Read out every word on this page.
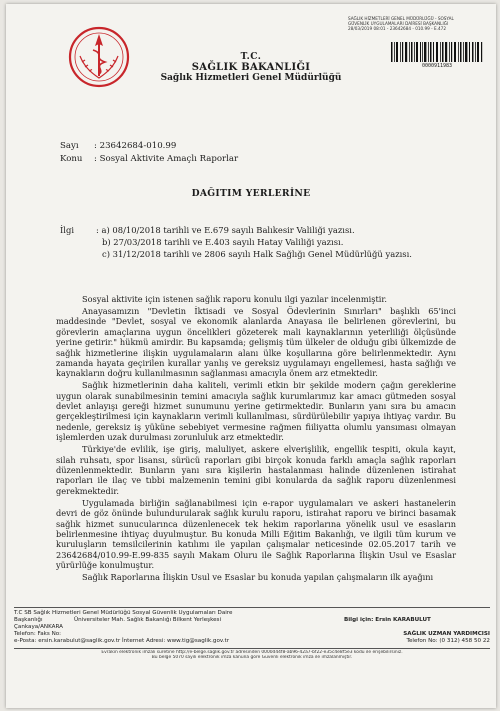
T.C.
SAĞLIK BAKANLIĞI
Sağlık Hizmetleri Genel Müdürlüğü
SAĞLIK HİZMETLERİ GENEL MÜDÜRLÜĞÜ - SOSYAL
GÜVENLİK UYGULAMALARI DAİRESİ BAŞKANLIĞI
28/03/2019 08:01 - 23642684 - 010.99 - E.472
0000911983
Sayı : 23642684-010.99
Konu : Sosyal Aktivite Amaçlı Raporlar
DAĞITIM YERLERİNE
İlgi	: a) 08/10/2018 tarihli ve E.679 sayılı Balıkesir Valiliği yazısı.
b) 27/03/2018 tarihli ve E.403 sayılı Hatay Valiliği yazısı.
c) 31/12/2018 tarihli ve 2806 sayılı Halk Sağlığı Genel Müdürlüğü yazısı.

Sosyal aktivite için istenen sağlık raporu konulu ilgi yazılar incelenmiştir.

Anayasamızın "Devletin İktisadi ve Sosyal Ödevlerinin Sınırları" başlıklı 65'inci maddesinde "Devlet, sosyal ve ekonomik alanlarda Anayasa ile belirlenen görevlerini, bu görevlerin amaçlarına uygun öncelikleri gözeterek mali kaynaklarının yeterliliği ölçüsünde yerine getirir." hükmü amirdir. Bu kapsamda; gelişmiş tüm ülkeler de olduğu gibi ülkemizde de sağlık hizmetlerine ilişkin uygulamaların alanı ülke koşullarına göre belirlenmektedir. Aynı zamanda hayata geçirilen kurallar yanlış ve gereksiz uygulamayı engellemesi, hasta sağlığı ve kaynakların doğru kullanılmasının sağlanması amacıyla önem arz etmektedir.

Sağlık hizmetlerinin daha kaliteli, verimli etkin bir şekilde modern çağın gereklerine uygun olarak sunabilmesinin temini amacıyla sağlık kurumlarımız kar amacı gütmeden sosyal devlet anlayışı gereği hizmet sunumunu yerine getirmektedir. Bunların yanı sıra bu amacın gerçekleştirilmesi için kaynakların verimli kullanılması, sürdürülebilir yapıya ihtiyaç vardır. Bu nedenle, gereksiz iş yüküne sebebiyet vermesine rağmen fiiliyatta olumlu yansıması olmayan işlemlerden uzak durulması zorunluluk arz etmektedir.

Türkiye'de evlilik, işe giriş, maluliyet, askere elverişlilik, engellik tespiti, okula kayıt, silah ruhsatı, spor lisansı, sürücü raporları gibi birçok konuda farklı amaçla sağlık raporları düzenlenmektedir. Bunların yanı sıra kişilerin hastalanması halinde düzenlenen istirahat raporları ile ilaç ve tıbbi malzemenin temini gibi konularda da sağlık raporu düzenlenmesi gerekmektedir.

Uygulamada birliğin sağlanabilmesi için e-rapor uygulamaları ve askeri hastanelerin devri de göz önünde bulundurularak sağlık kurulu raporu, istirahat raporu ve birinci basamak sağlık hizmet sunucularınca düzenlenecek tek hekim raporlarına yönelik usul ve esasların belirlenmesine ihtiyaç duyulmuştur. Bu konuda Milli Eğitim Bakanlığı, ve ilgili tüm kurum ve kuruluşların temsilcilerinin katılımı ile yapılan çalışmalar neticesinde 02.05.2017 tarih ve 23642684/010.99-E.99-835 sayılı Makam Oluru ile Sağlık Raporlarına İlişkin Usul ve Esaslar yürürlüğe konulmuştur.

Sağlık Raporlarına İlişkin Usul ve Esaslar bu konuda yapılan çalışmaların ilk ayağını

T.C SB Sağlık Hizmetleri Genel Müdürlüğü Sosyal Güvenlik Uygulamaları Daire
Başkanlığı	Üniversiteler Mah. Sağlık Bakanlığı Bilkent Yerleşkesi	Bilgi için: Ersin KARABULUT
Çankaya/ANKARA
Telefon: Faks No:	SAĞLIK UZMAN YARDIMCISI
e-Posta: ersin.karabulut@saglik.gov.tr İnternet Adresi: www.tig@saglik.gov.tr	Telefon No: (0 312) 458 50 22
Evrakın elektronik imzalı suretine http://e-belge.saglik.gov.tr adresinden 0000d44f8-ab96-42a7-bf22-e35c4e8f5e3 kodu ile erişebilirsiniz.
Bu belge 5070 sayılı elektronik imza kanuna göre Güvenli elektronik imza ile imzalanmıştır.
